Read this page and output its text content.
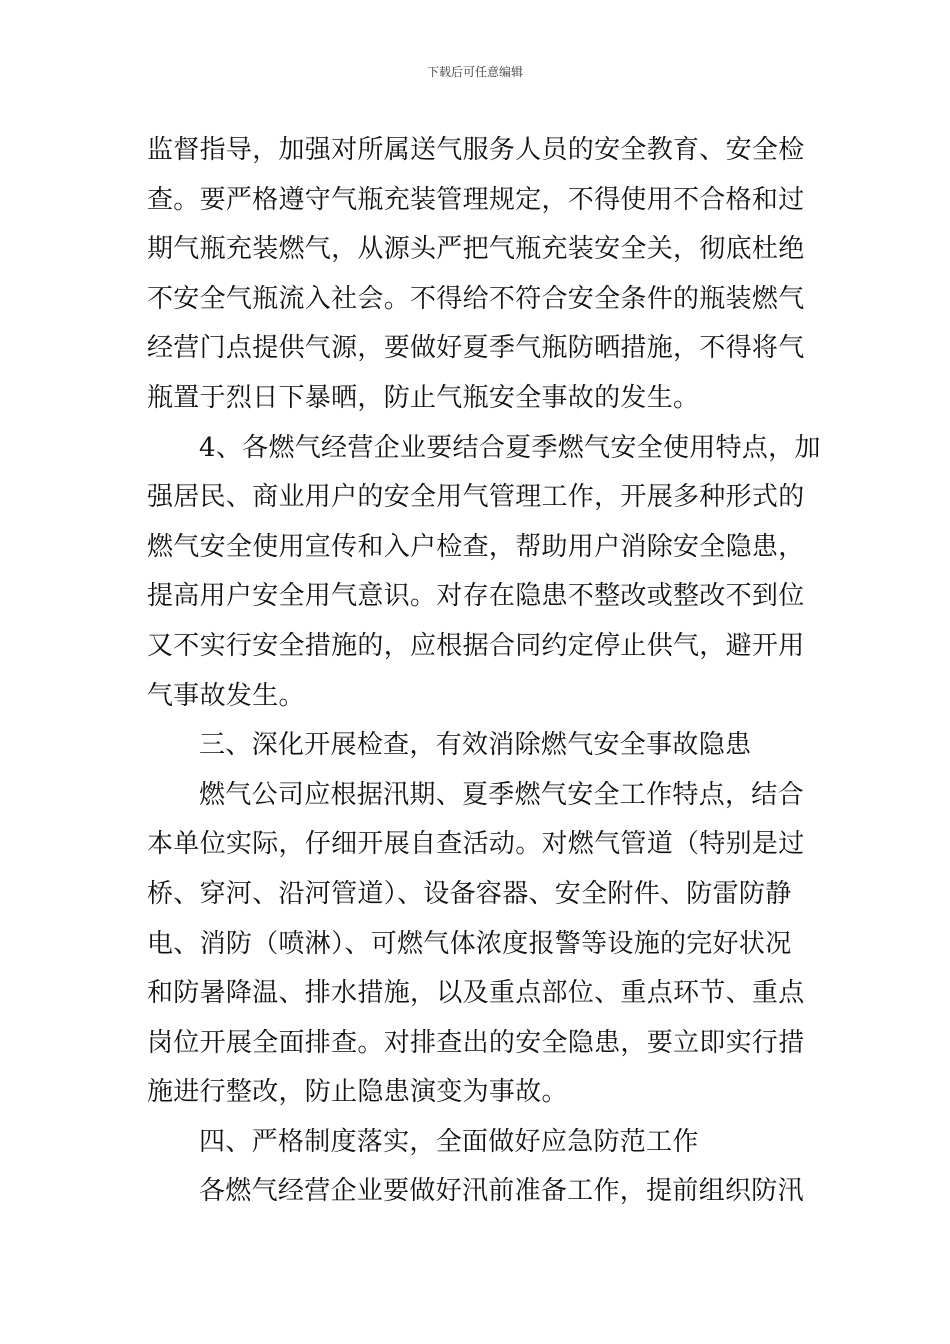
下载后可任意编辑
监督指导，加强对所属送气服务人员的安全教育、安全检
查。要严格遵守气瓶充装管理规定，不得使用不合格和过
期气瓶充装燃气，从源头严把气瓶充装安全关，彻底杜绝
不安全气瓶流入社会。不得给不符合安全条件的瓶装燃气
经营门点提供气源，要做好夏季气瓶防晒措施，不得将气
瓶置于烈日下暴晒，防止气瓶安全事故的发生。
4、各燃气经营企业要结合夏季燃气安全使用特点，加
强居民、商业用户的安全用气管理工作，开展多种形式的
燃气安全使用宣传和入户检查，帮助用户消除安全隐患，
提高用户安全用气意识。对存在隐患不整改或整改不到位
又不实行安全措施的，应根据合同约定停止供气，避开用
气事故发生。
三、深化开展检查，有效消除燃气安全事故隐患
燃气公司应根据汛期、夏季燃气安全工作特点，结合
本单位实际，仔细开展自查活动。对燃气管道（特别是过
桥、穿河、沿河管道）、设备容器、安全附件、防雷防静
电、消防（喷淋）、可燃气体浓度报警等设施的完好状况
和防暑降温、排水措施，以及重点部位、重点环节、重点
岗位开展全面排查。对排查出的安全隐患，要立即实行措
施进行整改，防止隐患演变为事故。
四、严格制度落实，全面做好应急防范工作
各燃气经营企业要做好汛前准备工作，提前组织防汛
